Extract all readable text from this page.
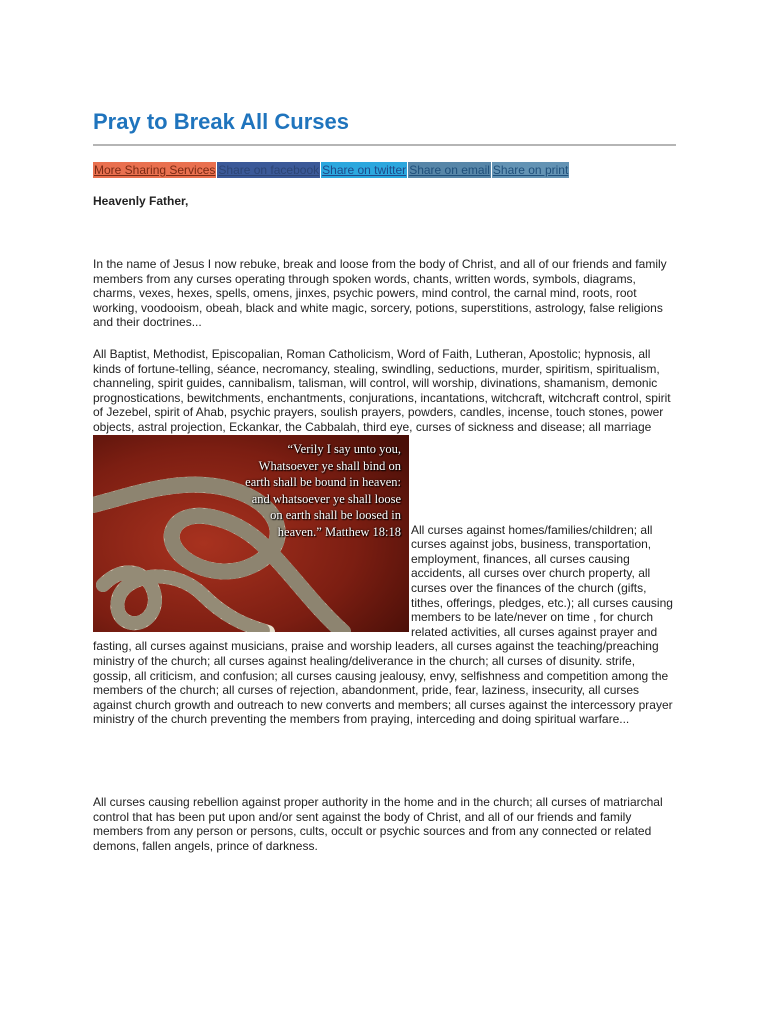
Pray to Break All Curses
More Sharing Services Share on facebook Share on twitter Share on email Share on print

Heavenly Father,

In the name of Jesus I now rebuke, break and loose from the body of Christ, and all of our friends and family members from any curses operating through spoken words, chants, written words, symbols, diagrams, charms, vexes, hexes, spells, omens, jinxes, psychic powers, mind control, the carnal mind, roots, root working, voodooism, obeah, black and white magic, sorcery, potions, superstitions, astrology, false religions and their doctrines...

All Baptist, Methodist, Episcopalian, Roman Catholicism, Word of Faith, Lutheran, Apostolic; hypnosis, all kinds of fortune-telling, séance, necromancy, stealing, swindling, seductions, murder, spiritism, spiritualism, channeling, spirit guides, cannibalism, talisman, will control, will worship, divinations, shamanism, demonic prognostications, bewitchments, enchantments, conjurations, incantations, witchcraft, witchcraft control, spirit of Jezebel, spirit of Ahab, psychic prayers, soulish prayers, powders, candles, incense, touch stones, power objects, astral projection, Eckankar, the Cabbalah, third eye, curses of sickness and disease; all marriage

“Verily I say unto you, Whatsoever ye shall bind on earth shall be bound in heaven: and whatsoever ye shall loose on earth shall be loosed in heaven.” Matthew 18:18 All curses against homes/families/children; all curses against jobs, business, transportation, employment, finances, all curses causing accidents, all curses over church property, all curses over the finances of the church (gifts, tithes, offerings, pledges, etc.); all curses causing members to be late/never on time , for church related activities, all curses against prayer and fasting, all curses against musicians, praise and worship leaders, all curses against the teaching/preaching ministry of the church; all curses against healing/deliverance in the church; all curses of disunity. strife, gossip, all criticism, and confusion; all curses causing jealousy, envy, selfishness and competition among the members of the church; all curses of rejection, abandonment, pride, fear, laziness, insecurity, all curses against church growth and outreach to new converts and members; all curses against the intercessory prayer ministry of the church preventing the members from praying, interceding and doing spiritual warfare...

All curses causing rebellion against proper authority in the home and in the church; all curses of matriarchal control that has been put upon and/or sent against the body of Christ, and all of our friends and family members from any person or persons, cults, occult or psychic sources and from any connected or related demons, fallen angels, prince of darkness.
